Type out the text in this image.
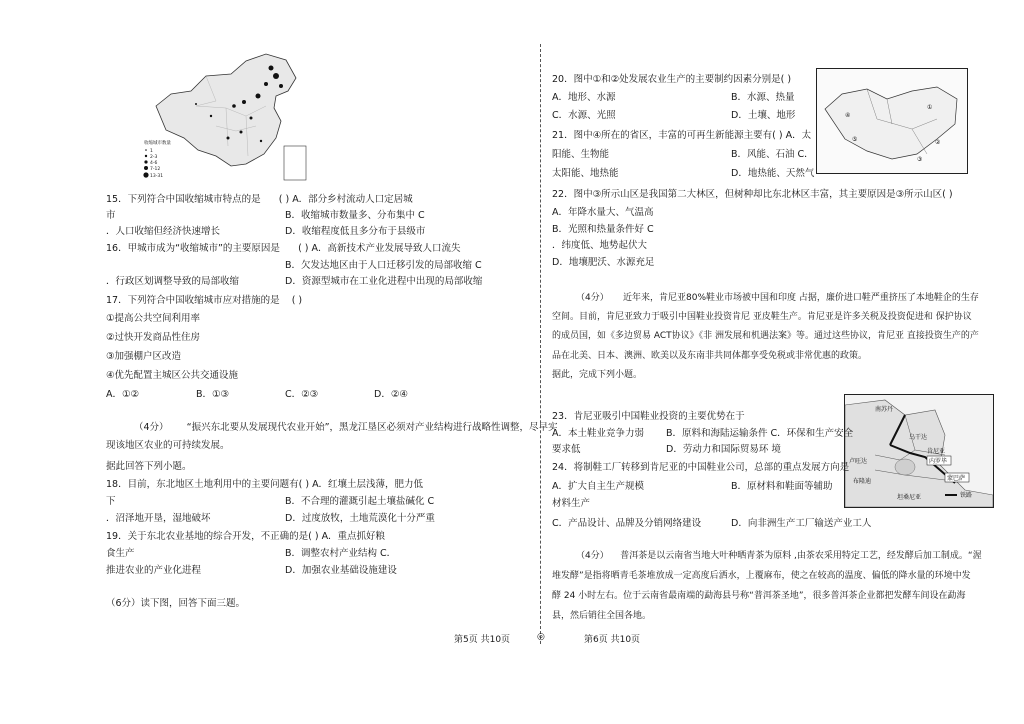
收缩城市数量
1
2-3
4-6
7-12
13-31
15．下列符合中国收缩城市特点的是 ( ) A．部分乡村流动人口定居城
市	B．收缩城市数量多、分布集中 C
．人口收缩但经济快速增长	D．收缩程度低且多分布于县级市
16．甲城市成为“收缩城市”的主要原因是 ( ) A．高新技术产业发展导致人口流失
B．欠发达地区由于人口迁移引发的局部收缩 C
．行政区划调整导致的局部收缩	D．资源型城市在工业化进程中出现的局部收缩
17．下列符合中国收缩城市应对措施的是 ( )
①提高公共空间利用率
②过快开发商品性住房
③加强棚户区改造
④优先配置主城区公共交通设施
A．①②	B．①③	C．②③	D．②④
（4分） “振兴东北要从发展现代农业开始”，黑龙江垦区必须对产业结构进行战略性调整，尽早实
现该地区农业的可持续发展。
据此回答下列小题。
18．目前，东北地区土地利用中的主要问题有( ) A．红壤土层浅薄，肥力低
下	B．不合理的灌溉引起土壤盐碱化 C
．沼泽地开垦，湿地破坏	D．过度放牧，土地荒漠化十分严重
19．关于东北农业基地的综合开发，不正确的是( ) A．重点抓好粮
食生产	B．调整农村产业结构 C．
推进农业的产业化进程	D．加强农业基础设施建设
（6分）读下图，回答下面三题。
第5页 共10页	◎
20．图中①和②处发展农业生产的主要制约因素分别是( )
A．地形、水源	B．水源、热量
C．水源、光照	D．土壤、地形
21．图中④所在的省区，丰富的可再生新能源主要有( ) A．太
阳能、生物能	B．风能、石油 C．
太阳能、地热能	D．地热能、天然气
④
⑤
①
②
③
22．图中③所示山区是我国第二大林区，但树种却比东北林区丰富，其主要原因是③所示山区( )
A．年降水量大、气温高
B．光照和热量条件好 C
．纬度低、地势起伏大
D．地壤肥沃、水源充足
（4分） 近年来，肯尼亚80%鞋业市场被中国和印度 占据，廉价进口鞋严重挤压了本地鞋企的生存
空间。目前，肯尼亚致力于吸引中国鞋业投资肯尼 亚皮鞋生产。肯尼亚是许多关税及投资促进和 保护协议
的成员国，如《多边贸易 ACT协议》《非 洲发展和机遇法案》等。通过这些协议，肯尼亚 直接投资生产的产
品在北美、日本、澳洲、欧美以及东南非共同体都享受免税或非常优惠的政策。
据此，完成下列小题。
南苏丹
乌干达
肯尼亚
内罗毕
蒙巴萨
卢旺达
布隆迪
坦桑尼亚	铁路
23．肯尼亚吸引中国鞋业投资的主要优势在于
A．本土鞋业竞争力弱 B．原料和海陆运输条件 C．环保和生产安全
要求低	D．劳动力和国际贸易环 境
24．将制鞋工厂转移到肯尼亚的中国鞋业公司，总部的重点发展方向是
A．扩大自主生产规模	B．原材料和鞋面等辅助
材料生产
C．产品设计、品牌及分销网络建设	D．向非洲生产工厂输送产业工人
（4分） 普洱茶是以云南省当地大叶种晒青茶为原料 ,由茶农采用特定工艺，经发酵后加工制成。“渥
堆发酵”是指将晒青毛茶堆放成一定高度后洒水，上覆麻布，使之在较高的温度、偏低的降水量的环境中发
酵 24 小时左右。位于云南省最南端的勐海县号称“普洱茶圣地”，很多普洱茶企业都把发酵车间设在勐海
县，然后销往全国各地。
第6页 共10页
